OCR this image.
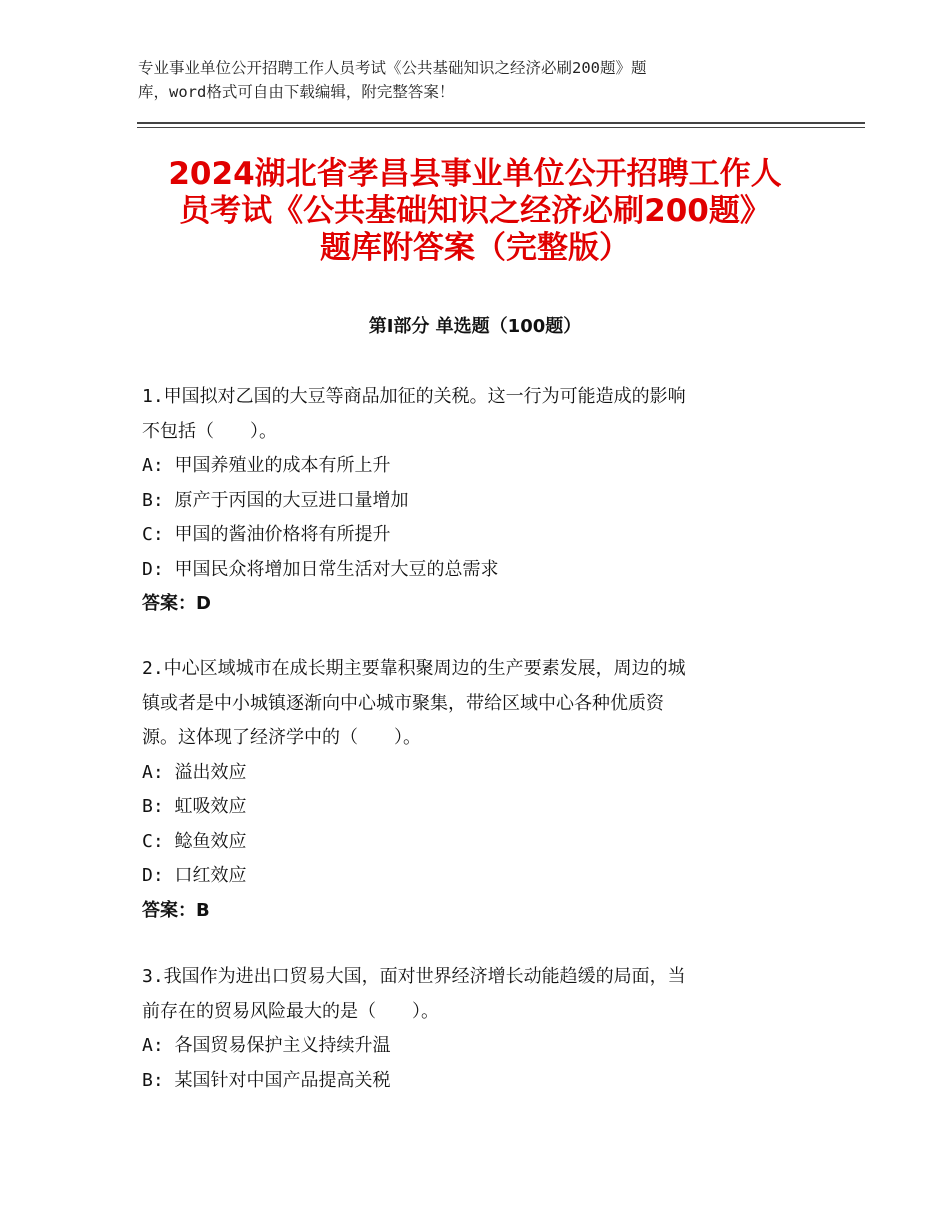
专业事业单位公开招聘工作人员考试《公共基础知识之经济必刷200题》题
库，word格式可自由下载编辑，附完整答案！
2024湖北省孝昌县事业单位公开招聘工作人
员考试《公共基础知识之经济必刷200题》
题库附答案（完整版）
第Ⅰ部分 单选题（100题）
1.甲国拟对乙国的大豆等商品加征的关税。这一行为可能造成的影响
不包括（　　）。
A: 甲国养殖业的成本有所上升
B: 原产于丙国的大豆进口量增加
C: 甲国的酱油价格将有所提升
D: 甲国民众将增加日常生活对大豆的总需求
答案：D
2.中心区域城市在成长期主要靠积聚周边的生产要素发展，周边的城
镇或者是中小城镇逐渐向中心城市聚集，带给区域中心各种优质资
源。这体现了经济学中的（　　）。
A: 溢出效应
B: 虹吸效应
C: 鲶鱼效应
D: 口红效应
答案：B
3.我国作为进出口贸易大国，面对世界经济增长动能趋缓的局面，当
前存在的贸易风险最大的是（　　）。
A: 各国贸易保护主义持续升温
B: 某国针对中国产品提高关税
